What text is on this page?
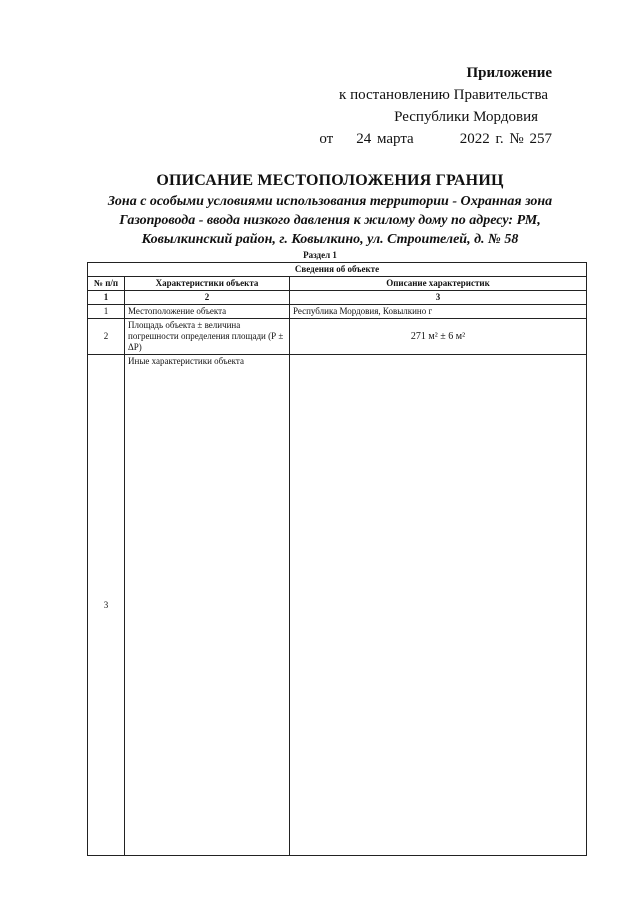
Приложение
к постановлению Правительства
Республики Мордовия
от 24 марта	2022 г. № 257
ОПИСАНИЕ МЕСТОПОЛОЖЕНИЯ ГРАНИЦ
Зона с особыми условиями использования территории - Охранная зона
Газопровода - ввода низкого давления к жилому дому по адресу: РМ,
Ковылкинский район, г. Ковылкино, ул. Строителей, д. № 58
Раздел 1
Сведения об объекте		
№ п/п	Характеристики объекта	Описание характеристик
1	2	3
1	Местоположение объекта	Республика Мордовия, Ковылкино г
2	Площадь объекта ± величина погрешности определения площади (Р ± ΔР)	271 м² ± 6 м²
3	Иные характеристики объекта	
